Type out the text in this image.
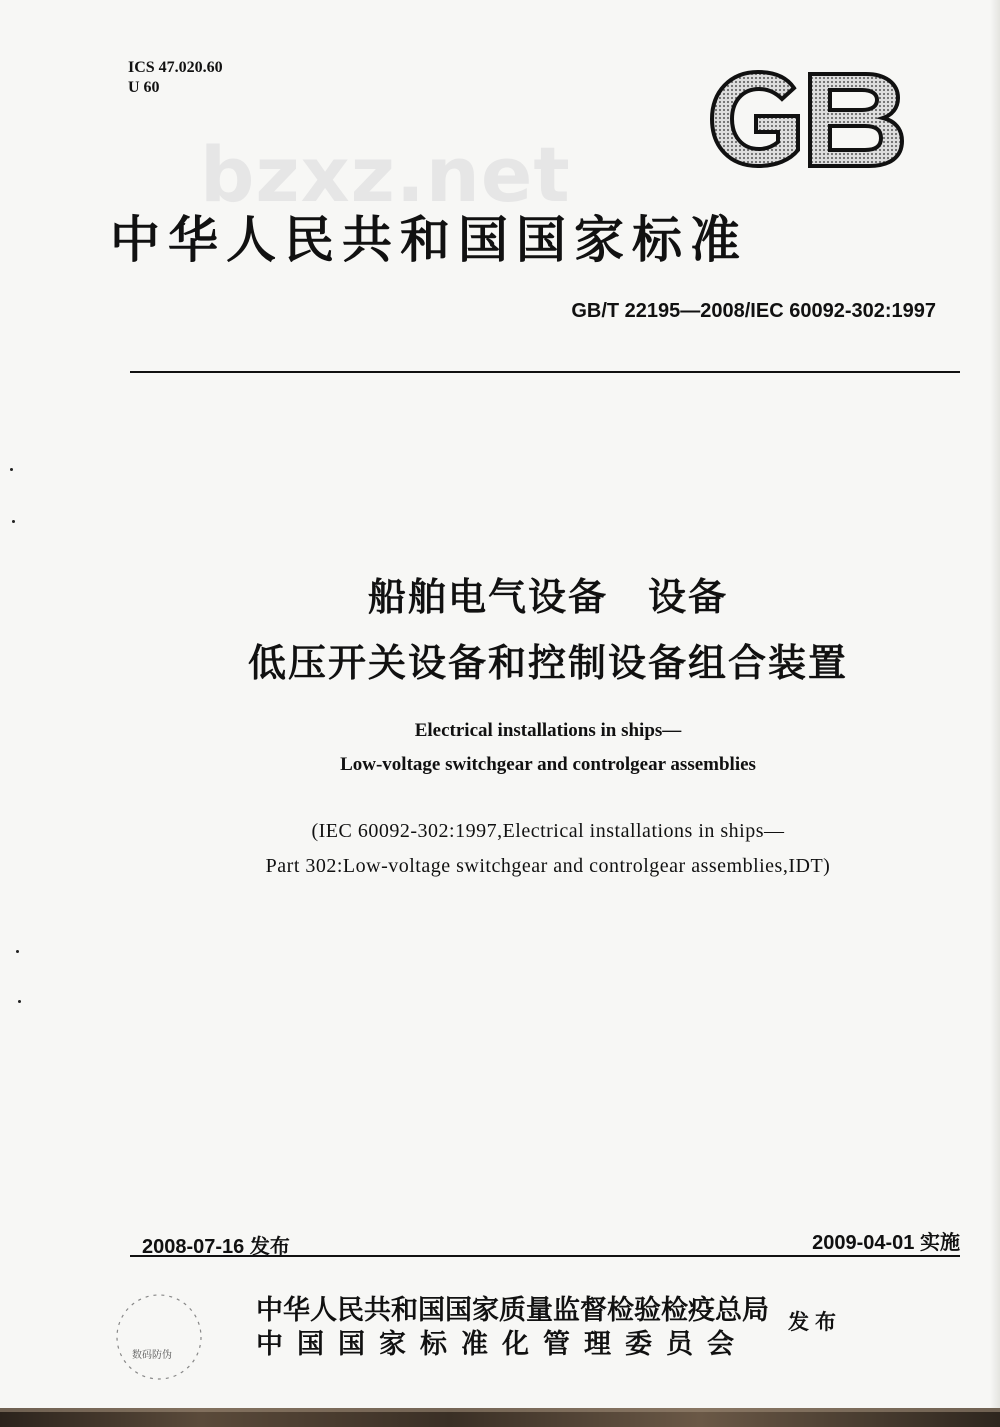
ICS 47.020.60
U 60
bzxz.net
中华人民共和国国家标准
GB/T 22195—2008/IEC 60092-302:1997
船舶电气设备　设备
低压开关设备和控制设备组合装置
Electrical installations in ships—
Low-voltage switchgear and controlgear assemblies
(IEC 60092-302:1997,Electrical installations in ships—
Part 302:Low-voltage switchgear and controlgear assemblies,IDT)
2008-07-16 发布	2009-04-01 实施
数码防伪
中华人民共和国国家质量监督检验检疫总局
中国国家标准化管理委员会
发布
